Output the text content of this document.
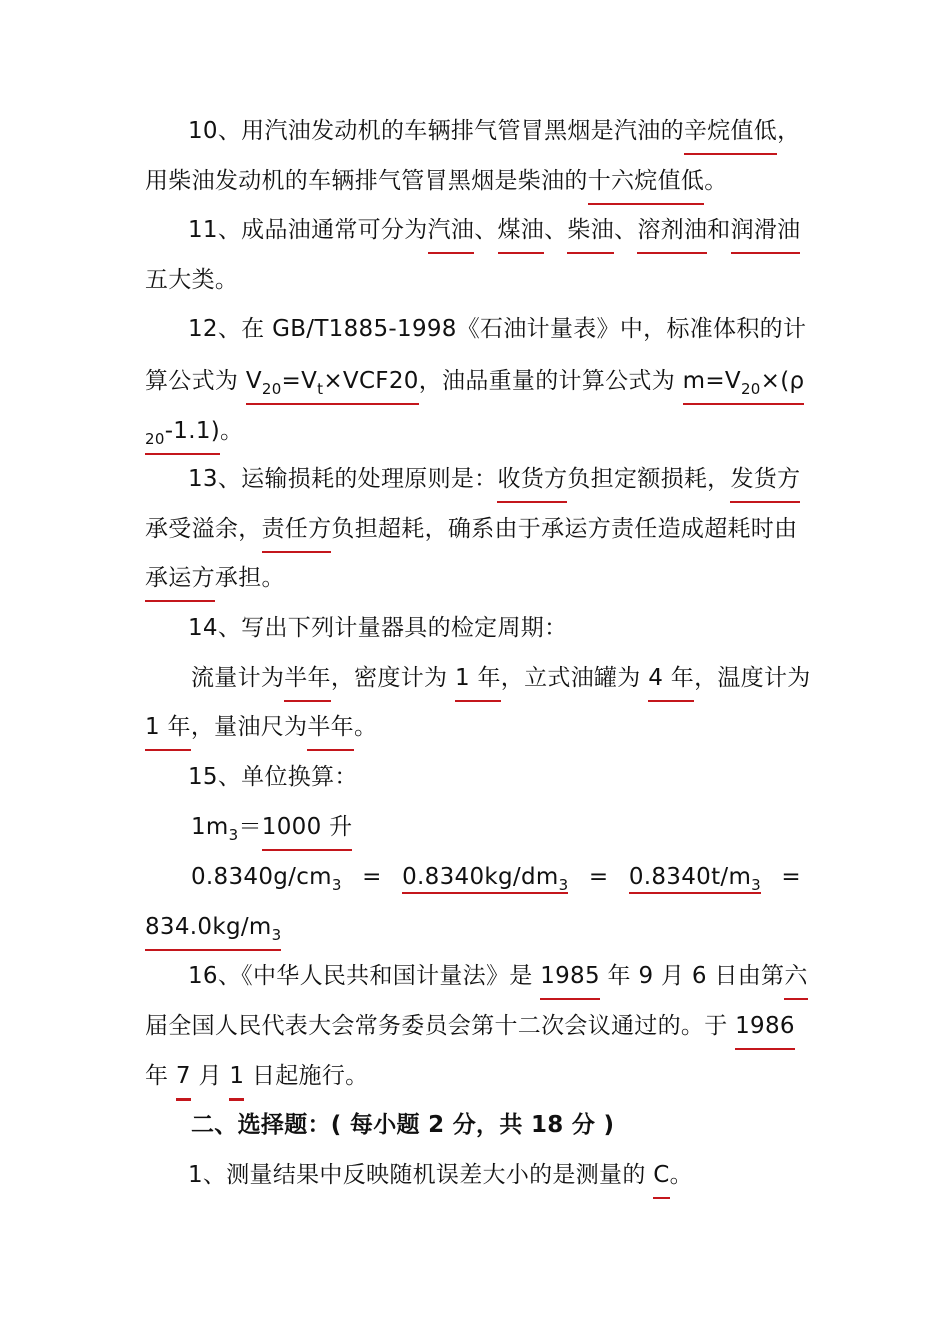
10、用汽油发动机的车辆排气管冒黑烟是汽油的辛烷值低，
用柴油发动机的车辆排气管冒黑烟是柴油的十六烷值低。
11、成品油通常可分为汽油、煤油、柴油、溶剂油和润滑油
五大类。
12、在 GB/T1885-1998《石油计量表》中，标准体积的计
算公式为 $V_{20}=V_t\times VCF20$，油品重量的计算公式为 $m=V_{20}\times(\rho$
$_{20}$-1.1)。
13、运输损耗的处理原则是：收货方负担定额损耗，发货方
承受溢余，责任方负担超耗，确系由于承运方责任造成超耗时由
承运方承担。
14、写出下列计量器具的检定周期：
流量计为半年，密度计为 1 年，立式油罐为 4 年，温度计为
1 年，量油尺为半年。
15、单位换算：
$1m_3=1000$ 升
$0.8340g/cm_3 = 0.8340kg/dm_3 = 0.8340t/m_3$ =
$834.0kg/m_3$
16、《中华人民共和国计量法》是 1985 年 9 月 6 日由第六
届全国人民代表大会常务委员会第十二次会议通过的。于 1986
年 7 月 1 日起施行。
二、选择题：( 每小题 2 分，共 18 分 )
1、测量结果中反映随机误差大小的是测量的 C。
